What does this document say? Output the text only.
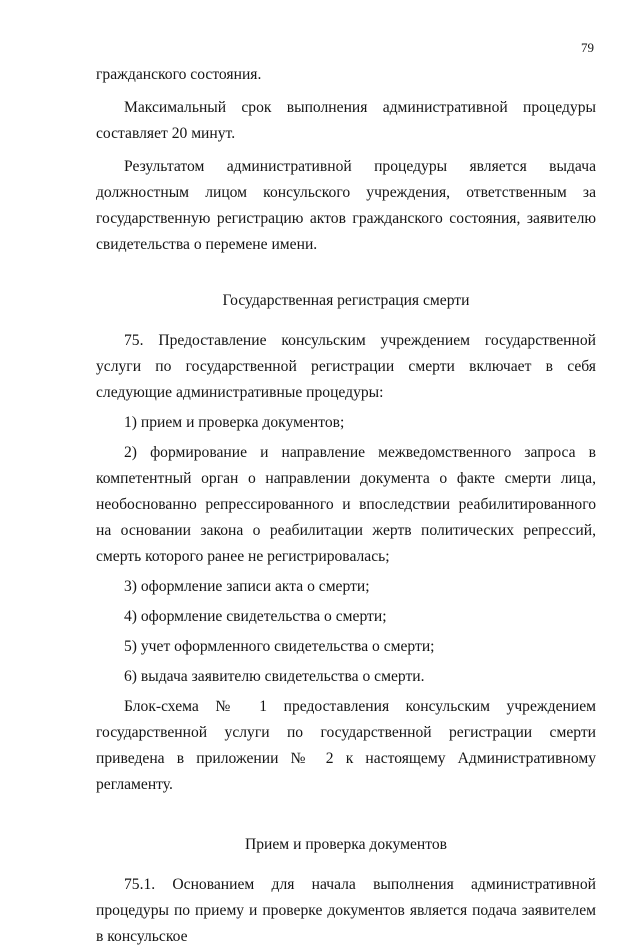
79

гражданского состояния.

Максимальный срок выполнения административной процедуры составляет 20 минут.

Результатом административной процедуры является выдача должностным лицом консульского учреждения, ответственным за государственную регистрацию актов гражданского состояния, заявителю свидетельства о перемене имени.

Государственная регистрация смерти

75. Предоставление консульским учреждением государственной услуги по государственной регистрации смерти включает в себя следующие административные процедуры:

1) прием и проверка документов;

2) формирование и направление межведомственного запроса в компетентный орган о направлении документа о факте смерти лица, необоснованно репрессированного и впоследствии реабилитированного на основании закона о реабилитации жертв политических репрессий, смерть которого ранее не регистрировалась;

3) оформление записи акта о смерти;

4) оформление свидетельства о смерти;

5) учет оформленного свидетельства о смерти;

6) выдача заявителю свидетельства о смерти.

Блок-схема № 1 предоставления консульским учреждением государственной услуги по государственной регистрации смерти приведена в приложении № 2 к настоящему Административному регламенту.

Прием и проверка документов

75.1. Основанием для начала выполнения административной процедуры по приему и проверке документов является подача заявителем в консульское
